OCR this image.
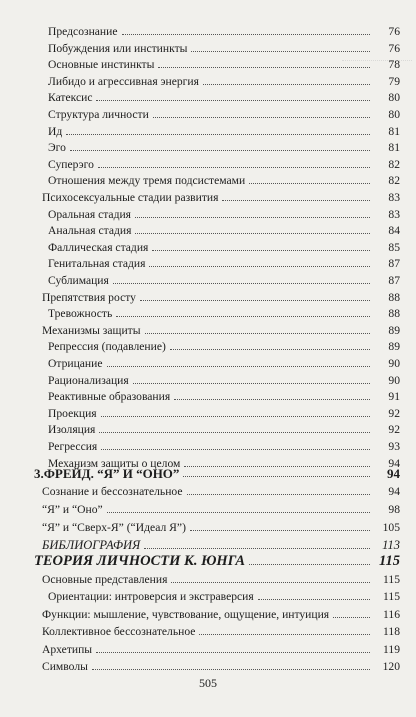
Предсознание	76
Побуждения или инстинкты	76
Основные инстинкты	78
Либидо и агрессивная энергия	79
Катексис	80
Структура личности	80
Ид	81
Эго	81
Суперэго	82
Отношения между тремя подсистемами	82
Психосексуальные стадии развития	83
Оральная стадия	83
Анальная стадия	84
Фаллическая стадия	85
Генитальная стадия	87
Сублимация	87
Препятствия росту	88
Тревожность	88
Механизмы защиты	89
Репрессия (подавление)	89
Отрицание	90
Рационализация	90
Реактивные образования	91
Проекция	92
Изоляция	92
Регрессия	93
Механизм защиты о целом	94
3.ФРЕЙД. “Я” И “ОНО”	94
Сознание и бессознательное	94
“Я” и “Оно”	98
“Я” и “Сверх-Я” (“Идеал Я”)	105
БИБЛИОГРАФИЯ	113
ТЕОРИЯ ЛИЧНОСТИ К. ЮНГА	115
Основные представления	115
Ориентации: интроверсия и экстраверсия	115
Функции: мышление, чувствование, ощущение, интуиция	116
Коллективное бессознательное	118
Архетипы	119
Символы	120
505
